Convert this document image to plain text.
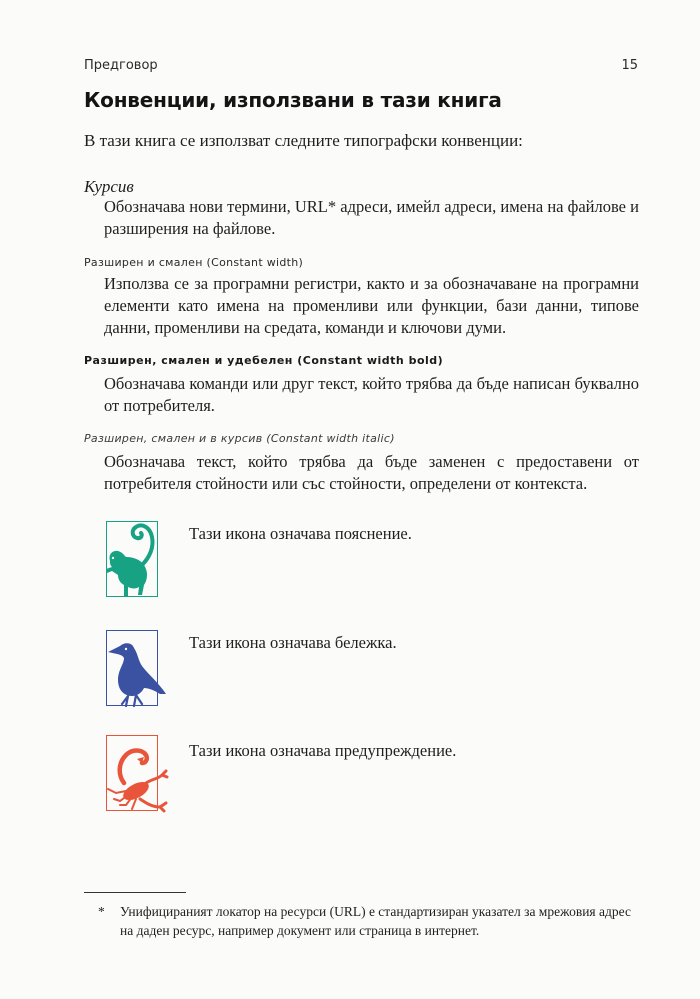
Предговор	15
Конвенции, използвани в тази книга

В тази книга се използват следните типографски конвенции:

Курсив

Обозначава нови термини, URL* адреси, имейл адреси, имена на файлове и разширения на файлове.

Разширен и смален (Constant width)

Използва се за програмни регистри, както и за обозначаване на програмни елементи като имена на променливи или функции, бази данни, типове данни, променливи на средата, команди и ключови думи.

Разширен, смален и удебелен (Constant width bold)

Обозначава команди или друг текст, който трябва да бъде написан буквално от потребителя.

Разширен, смален и в курсив (Constant width italic)

Обозначава текст, който трябва да бъде заменен с предоставени от потребителя стойности или със стойности, определени от контекста.

Тази икона означава пояснение.

Тази икона означава бележка.

Тази икона означава предупреждение.

*	Унифицираният локатор на ресурси (URL) е стандартизиран указател за мрежовия адрес на даден ресурс, например документ или страница в интернет.
